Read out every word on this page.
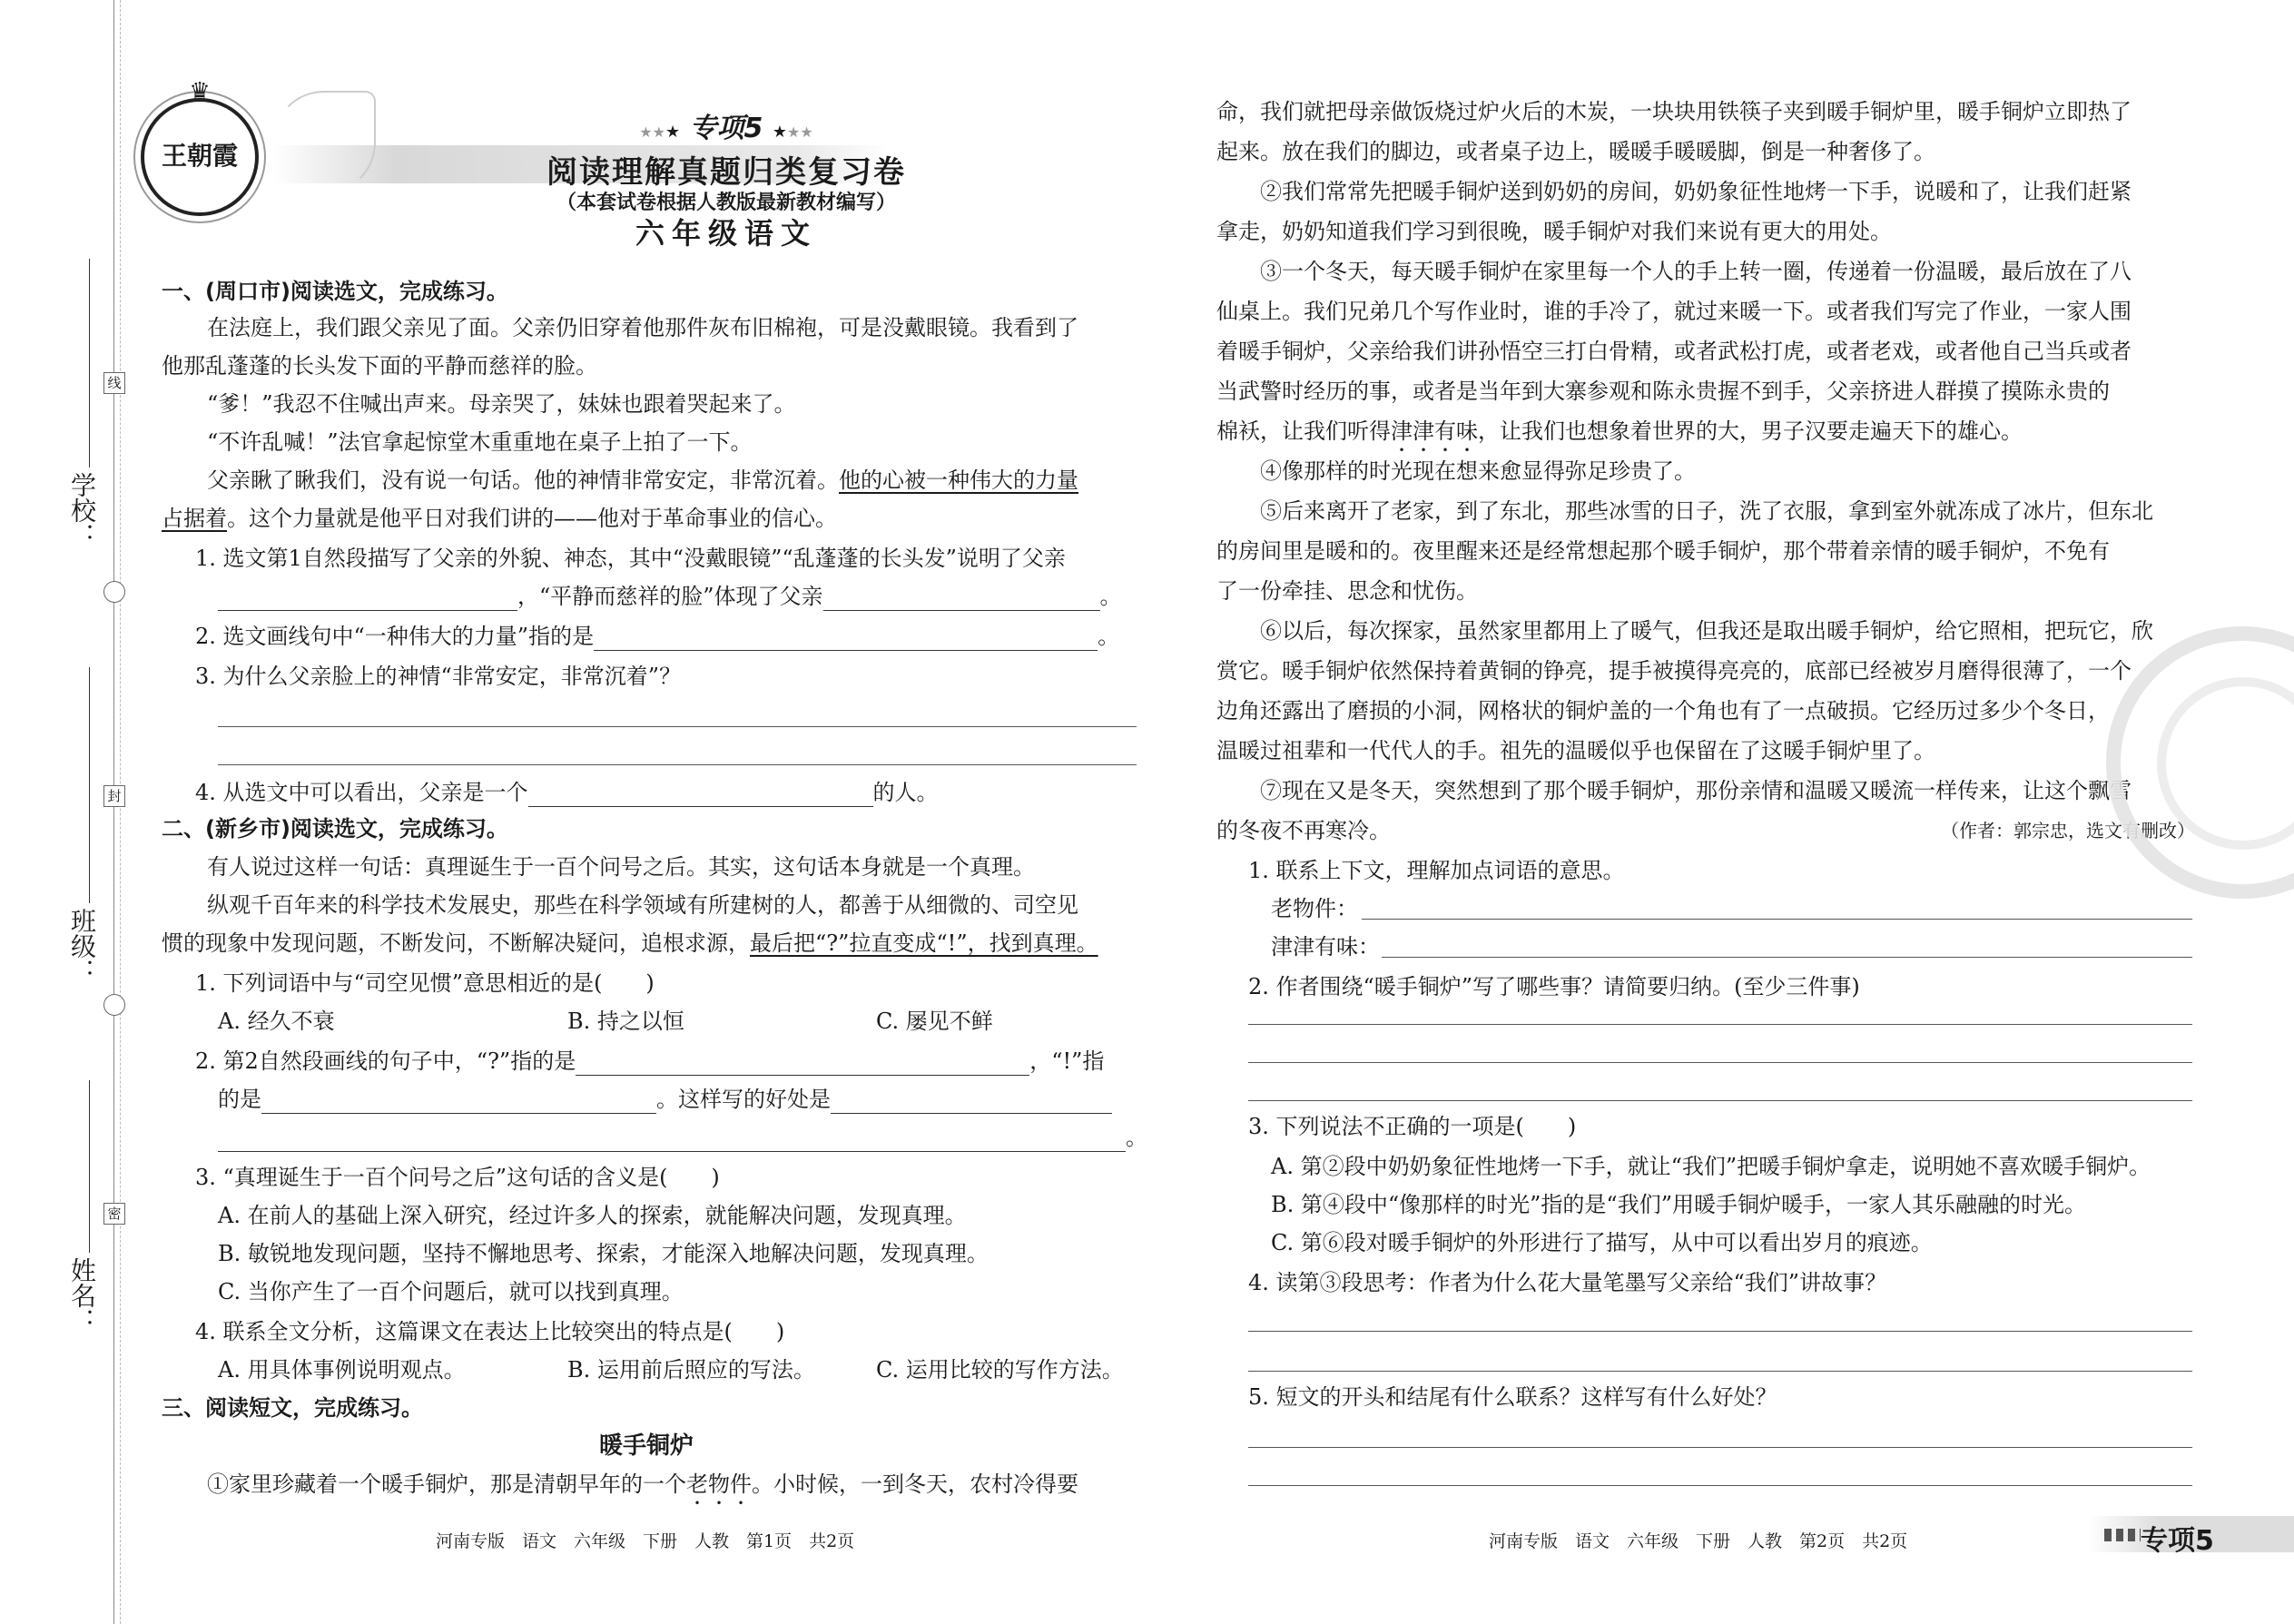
学校：
班级：
姓名：
线
封
密
♛
王朝霞
★★★ 专项5 ★★★
阅读理解真题归类复习卷
（本套试卷根据人教版最新教材编写）
六年级语文
一、(周口市)阅读选文，完成练习。
在法庭上，我们跟父亲见了面。父亲仍旧穿着他那件灰布旧棉袍，可是没戴眼镜。我看到了
他那乱蓬蓬的长头发下面的平静而慈祥的脸。
“爹！”我忍不住喊出声来。母亲哭了，妹妹也跟着哭起来了。
“不许乱喊！”法官拿起惊堂木重重地在桌子上拍了一下。
父亲瞅了瞅我们，没有说一句话。他的神情非常安定，非常沉着。他的心被一种伟大的力量
占据着。这个力量就是他平日对我们讲的——他对于革命事业的信心。
1. 选文第1自然段描写了父亲的外貌、神态，其中“没戴眼镜”“乱蓬蓬的长头发”说明了父亲
，“平静而慈祥的脸”体现了父亲	。
2. 选文画线句中“一种伟大的力量”指的是	。
3. 为什么父亲脸上的神情“非常安定，非常沉着”？
4. 从选文中可以看出，父亲是一个	的人。
二、(新乡市)阅读选文，完成练习。
有人说过这样一句话：真理诞生于一百个问号之后。其实，这句话本身就是一个真理。
纵观千百年来的科学技术发展史，那些在科学领域有所建树的人，都善于从细微的、司空见
惯的现象中发现问题，不断发问，不断解决疑问，追根求源，最后把“?”拉直变成“!”，找到真理。
1. 下列词语中与“司空见惯”意思相近的是(　　)
A. 经久不衰	B. 持之以恒	C. 屡见不鲜
2. 第2自然段画线的句子中，“?”指的是	，“!”指
的是	。这样写的好处是
。
3. “真理诞生于一百个问号之后”这句话的含义是(　　)
A. 在前人的基础上深入研究，经过许多人的探索，就能解决问题，发现真理。
B. 敏锐地发现问题，坚持不懈地思考、探索，才能深入地解决问题，发现真理。
C. 当你产生了一百个问题后，就可以找到真理。
4. 联系全文分析，这篇课文在表达上比较突出的特点是(　　)
A. 用具体事例说明观点。	B. 运用前后照应的写法。	C. 运用比较的写作方法。
三、阅读短文，完成练习。
暖手铜炉
①家里珍藏着一个暖手铜炉，那是清朝早年的一个老物件。小时候，一到冬天，农村冷得要
河南专版　语文　六年级　下册　人教　第1页　共2页
命，我们就把母亲做饭烧过炉火后的木炭，一块块用铁筷子夹到暖手铜炉里，暖手铜炉立即热了
起来。放在我们的脚边，或者桌子边上，暖暖手暖暖脚，倒是一种奢侈了。
②我们常常先把暖手铜炉送到奶奶的房间，奶奶象征性地烤一下手，说暖和了，让我们赶紧
拿走，奶奶知道我们学习到很晚，暖手铜炉对我们来说有更大的用处。
③一个冬天，每天暖手铜炉在家里每一个人的手上转一圈，传递着一份温暖，最后放在了八
仙桌上。我们兄弟几个写作业时，谁的手冷了，就过来暖一下。或者我们写完了作业，一家人围
着暖手铜炉，父亲给我们讲孙悟空三打白骨精，或者武松打虎，或者老戏，或者他自己当兵或者
当武警时经历的事，或者是当年到大寨参观和陈永贵握不到手，父亲挤进人群摸了摸陈永贵的
棉袄，让我们听得津津有味，让我们也想象着世界的大，男子汉要走遍天下的雄心。
④像那样的时光现在想来愈显得弥足珍贵了。
⑤后来离开了老家，到了东北，那些冰雪的日子，洗了衣服，拿到室外就冻成了冰片，但东北
的房间里是暖和的。夜里醒来还是经常想起那个暖手铜炉，那个带着亲情的暖手铜炉，不免有
了一份牵挂、思念和忧伤。
⑥以后，每次探家，虽然家里都用上了暖气，但我还是取出暖手铜炉，给它照相，把玩它，欣
赏它。暖手铜炉依然保持着黄铜的铮亮，提手被摸得亮亮的，底部已经被岁月磨得很薄了，一个
边角还露出了磨损的小洞，网格状的铜炉盖的一个角也有了一点破损。它经历过多少个冬日，
温暖过祖辈和一代代人的手。祖先的温暖似乎也保留在了这暖手铜炉里了。
⑦现在又是冬天，突然想到了那个暖手铜炉，那份亲情和温暖又暖流一样传来，让这个飘雪
的冬夜不再寒冷。	（作者：郭宗忠，选文有删改）
1. 联系上下文，理解加点词语的意思。
老物件：
津津有味：
2. 作者围绕“暖手铜炉”写了哪些事？请简要归纳。(至少三件事)
3. 下列说法不正确的一项是(　　)
A. 第②段中奶奶象征性地烤一下手，就让“我们”把暖手铜炉拿走，说明她不喜欢暖手铜炉。
B. 第④段中“像那样的时光”指的是“我们”用暖手铜炉暖手，一家人其乐融融的时光。
C. 第⑥段对暖手铜炉的外形进行了描写，从中可以看出岁月的痕迹。
4. 读第③段思考：作者为什么花大量笔墨写父亲给“我们”讲故事？
5. 短文的开头和结尾有什么联系？这样写有什么好处？
河南专版　语文　六年级　下册　人教　第2页　共2页	专项5
